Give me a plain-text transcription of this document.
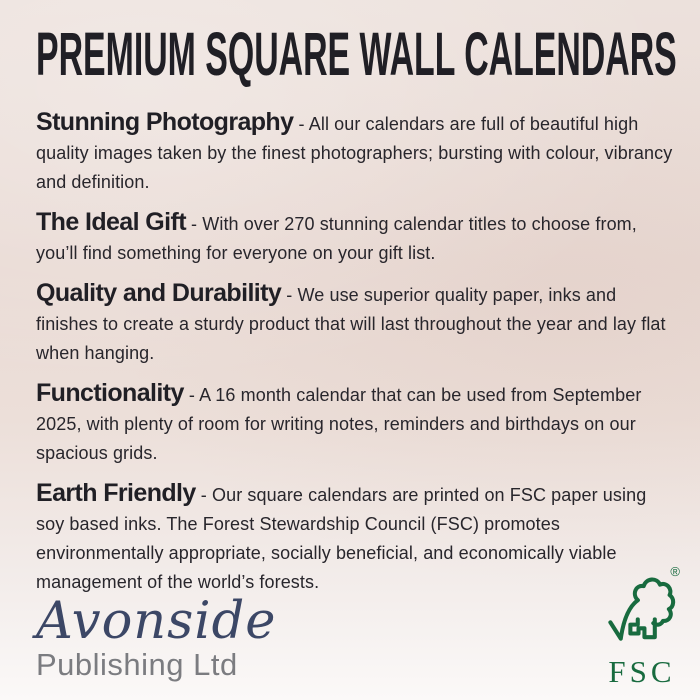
PREMIUM SQUARE WALL CALENDARS

Stunning Photography - All our calendars are full of beautiful high quality images taken by the finest photographers; bursting with colour, vibrancy and definition.

The Ideal Gift - With over 270 stunning calendar titles to choose from, you’ll find something for everyone on your gift list.

Quality and Durability - We use superior quality paper, inks and finishes to create a sturdy product that will last throughout the year and lay flat when hanging.

Functionality - A 16 month calendar that can be used from September 2025, with plenty of room for writing notes, reminders and birthdays on our spacious grids.

Earth Friendly - Our square calendars are printed on FSC paper using soy based inks. The Forest Stewardship Council (FSC) promotes environmentally appropriate, socially beneficial, and economically viable management of the world’s forests.

Avonside
Publishing Ltd
®
FSC
